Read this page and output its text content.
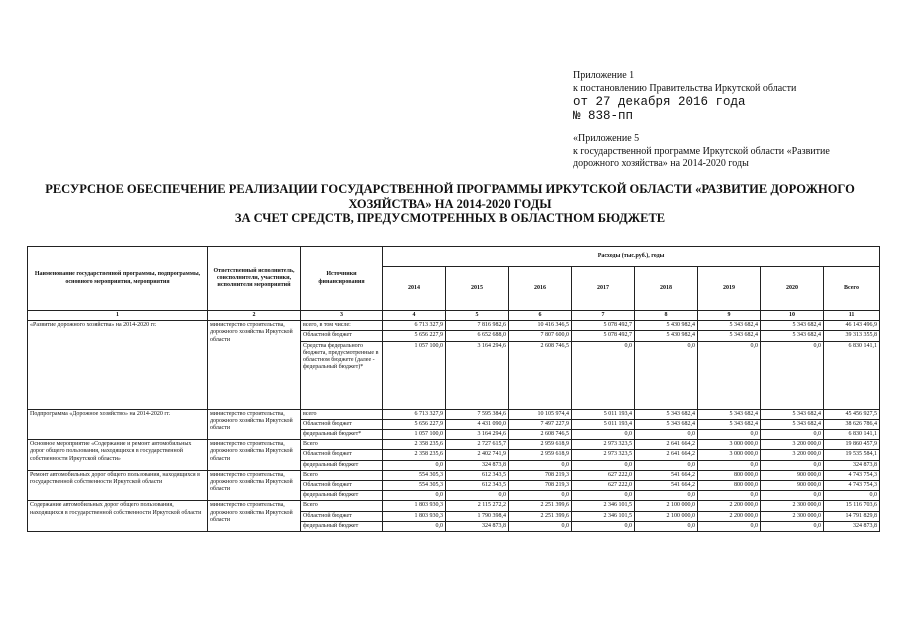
Приложение 1
к постановлению Правительства Иркутской области
от 27 декабря 2016 года
№ 838-пп
«Приложение 5
к государственной программе Иркутской области «Развитие
дорожного хозяйства» на 2014-2020 годы
РЕСУРСНОЕ ОБЕСПЕЧЕНИЕ РЕАЛИЗАЦИИ ГОСУДАРСТВЕННОЙ ПРОГРАММЫ ИРКУТСКОЙ ОБЛАСТИ «РАЗВИТИЕ ДОРОЖНОГО
ХОЗЯЙСТВА» НА 2014-2020 ГОДЫ
ЗА СЧЕТ СРЕДСТВ, ПРЕДУСМОТРЕННЫХ В ОБЛАСТНОМ БЮДЖЕТЕ
Наименование государственной программы, подпрограммы, основного мероприятия, мероприятия	Ответственный исполнитель, соисполнители, участники, исполнители мероприятий	Источники финансирования	Расходы (тыс.руб.), годы							
			2014	2015	2016	2017	2018	2019	2020	Всего
1	2	3	4	5	6	7	8	9	10	11
«Развитие дорожного хозяйства» на 2014-2020 гг.	министерство строительства, дорожного хозяйства Иркутской области	всего, в том числе:	6 713 327,9	7 816 982,6	10 416 346,5	5 078 492,7	5 430 982,4	5 343 682,4	5 343 682,4	46 143 496,9
		Областной бюджет	5 656 227,9	6 652 688,0	7 807 600,0	5 078 492,7	5 430 982,4	5 343 682,4	5 343 682,4	39 313 355,8
		Средства федерального бюджета, предусмотренные в областном бюджете (далее - федеральный бюджет)*	1 057 100,0	3 164 294,6	2 608 746,5	0,0	0,0	0,0	0,0	6 830 141,1
Подпрограмма «Дорожное хозяйство» на 2014-2020 гг.	министерство строительства, дорожного хозяйства Иркутской области	всего	6 713 327,9	7 595 384,6	10 105 974,4	5 011 193,4	5 343 682,4	5 343 682,4	5 343 682,4	45 456 927,5
		Областной бюджет	5 656 227,9	4 431 090,0	7 497 227,9	5 011 193,4	5 343 682,4	5 343 682,4	5 343 682,4	38 626 786,4
		федеральный бюджет*	1 057 100,0	3 164 294,6	2 608 746,5	0,0	0,0	0,0	0,0	6 830 141,1
Основное мероприятие «Содержание и ремонт автомобильных дорог общего пользования, находящихся в государственной собственности Иркутской области»	министерство строительства, дорожного хозяйства Иркутской области	Всего	2 358 235,6	2 727 615,7	2 959 618,9	2 973 323,5	2 641 664,2	3 000 000,0	3 200 000,0	19 860 457,9
		Областной бюджет	2 358 235,6	2 402 741,9	2 959 618,9	2 973 323,5	2 641 664,2	3 000 000,0	3 200 000,0	19 535 584,1
		федеральный бюджет	0,0	324 873,8	0,0	0,0	0,0	0,0	0,0	324 873,8
Ремонт автомобильных дорог общего пользования, находящихся в государственной собственности Иркутской области	министерство строительства, дорожного хозяйства Иркутской области	Всего	554 305,3	612 343,5	708 219,3	627 222,0	541 664,2	800 000,0	900 000,0	4 743 754,3
		Областной бюджет	554 305,3	612 343,5	708 219,3	627 222,0	541 664,2	800 000,0	900 000,0	4 743 754,3
		федеральный бюджет	0,0	0,0	0,0	0,0	0,0	0,0	0,0	0,0
Содержание автомобильных дорог общего пользования, находящихся в государственной собственности Иркутской области	министерство строительства, дорожного хозяйства Иркутской области	Всего	1 803 930,3	2 115 272,2	2 251 399,6	2 346 101,5	2 100 000,0	2 200 000,0	2 300 000,0	15 116 703,6
		Областной бюджет	1 803 930,3	1 790 398,4	2 251 399,6	2 346 101,5	2 100 000,0	2 200 000,0	2 300 000,0	14 791 829,8
		федеральный бюджет	0,0	324 873,8	0,0	0,0	0,0	0,0	0,0	324 873,8
